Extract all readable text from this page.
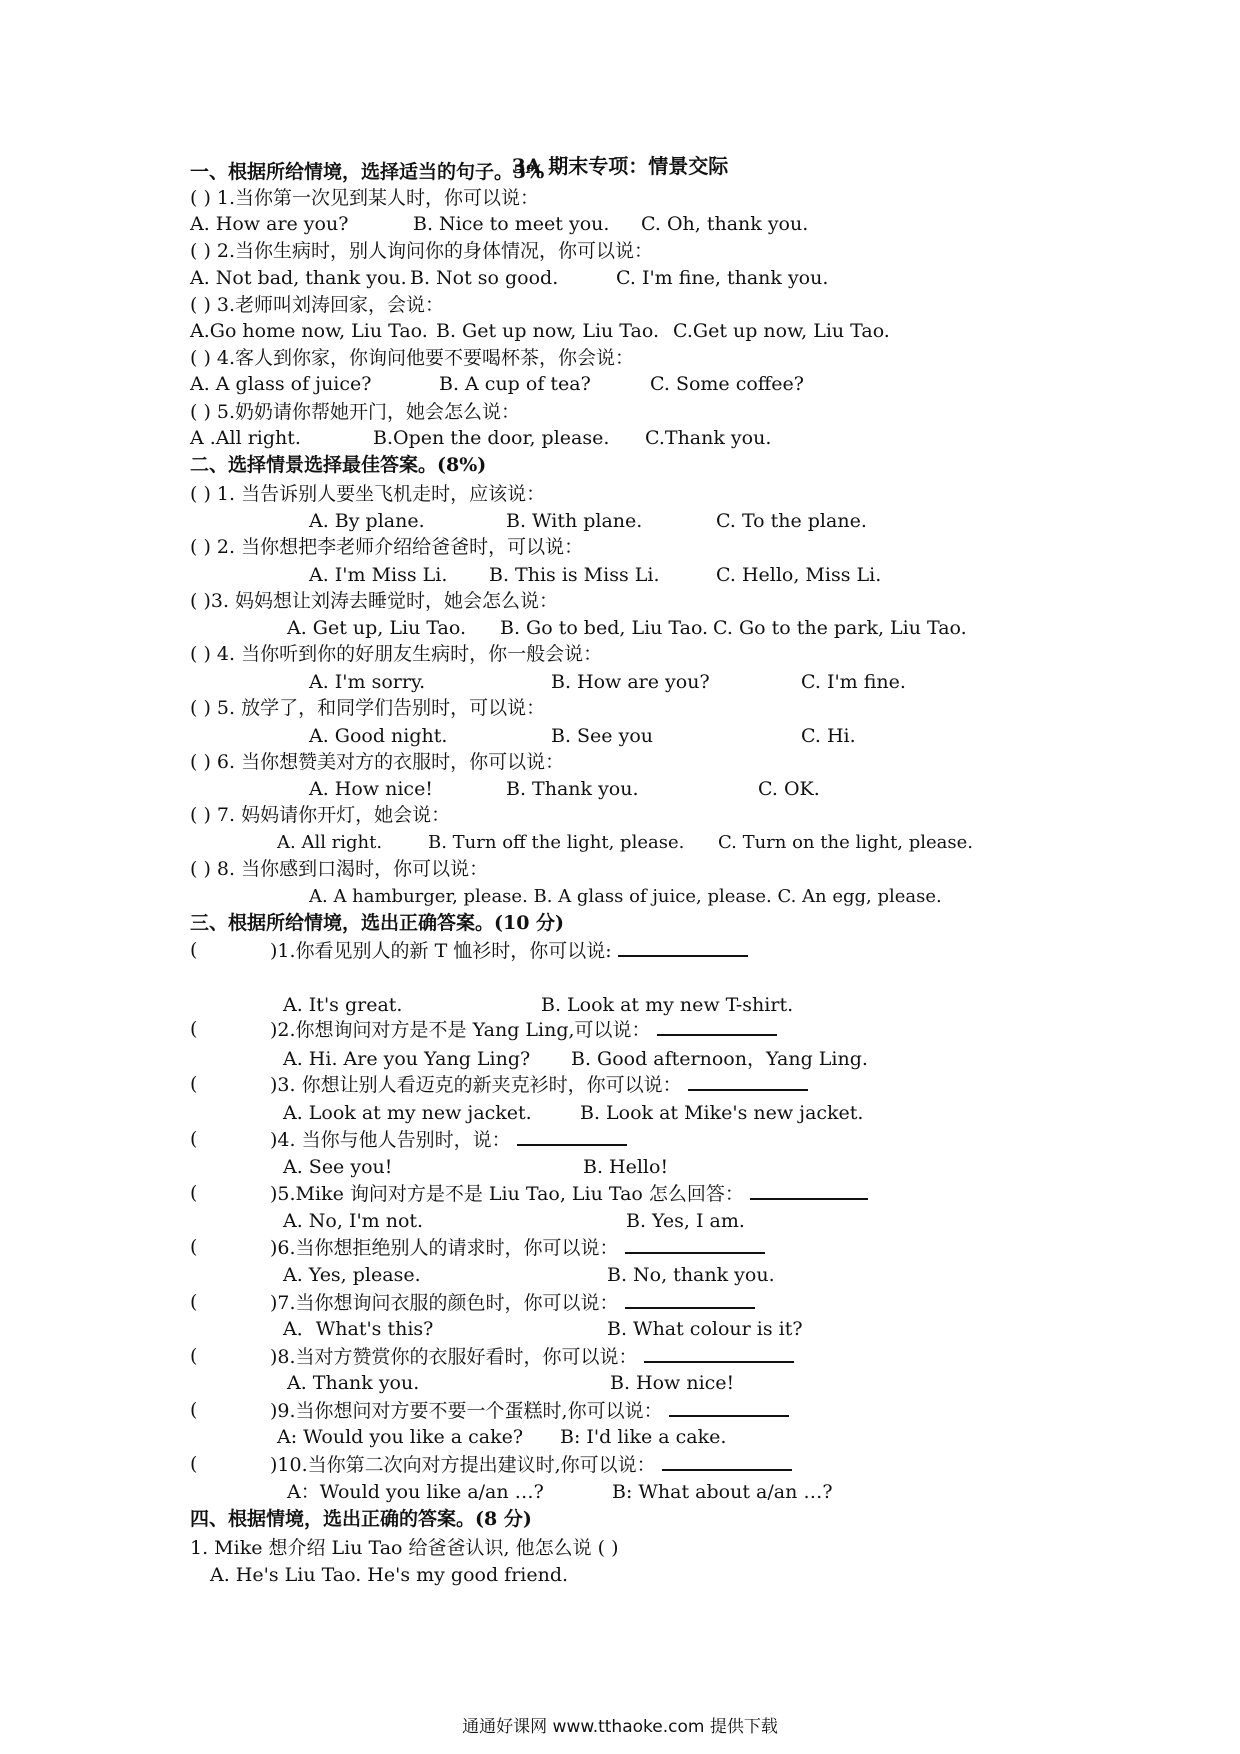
3A 期末专项：情景交际
一、根据所给情境，选择适当的句子。5%
( ) 1.当你第一次见到某人时，你可以说：
A. How are you?	B. Nice to meet you. C. Oh, thank you.
( ) 2.当你生病时，别人询问你的身体情况，你可以说：
A. Not bad, thank you. B. Not so good.	C. I'm fine, thank you.
( ) 3.老师叫刘涛回家，会说：
A.Go home now, Liu Tao. B. Get up now, Liu Tao. C.Get up now, Liu Tao.
( ) 4.客人到你家，你询问他要不要喝杯茶，你会说：
A. A glass of juice?	B. A cup of tea?	C. Some coffee?
( ) 5.奶奶请你帮她开门，她会怎么说：
A .All right.	B.Open the door, please. C.Thank you.
二、选择情景选择最佳答案。(8%)
( ) 1. 当告诉别人要坐飞机走时，应该说：
A. By plane.	B. With plane.	C. To the plane.
( ) 2. 当你想把李老师介绍给爸爸时，可以说：
A. I'm Miss Li. B. This is Miss Li.	C. Hello, Miss Li.
( )3. 妈妈想让刘涛去睡觉时，她会怎么说：
A. Get up, Liu Tao. B. Go to bed, Liu Tao. C. Go to the park, Liu Tao.
( ) 4. 当你听到你的好朋友生病时，你一般会说：
A. I'm sorry.	B. How are you?	C. I'm fine.
( ) 5. 放学了，和同学们告别时，可以说：
A. Good night.	B. See you	C. Hi.
( ) 6. 当你想赞美对方的衣服时，你可以说：
A. How nice!	B. Thank you.	C. OK.
( ) 7. 妈妈请你开灯，她会说：
A. All right.	B. Turn off the light, please. C. Turn on the light, please.
( ) 8. 当你感到口渴时，你可以说：
A. A hamburger, please. B. A glass of juice, please. C. An egg, please.
三、根据所给情境，选出正确答案。(10 分)
(	)1.你看见别人的新 T 恤衫时，你可以说:
A. It's great.	B. Look at my new T-shirt.
(	)2.你想询问对方是不是 Yang Ling,可以说：
A. Hi. Are you Yang Ling? B. Good afternoon，Yang Ling.
(	)3. 你想让别人看迈克的新夹克衫时，你可以说：
A. Look at my new jacket.	B. Look at Mike's new jacket.
(	)4. 当你与他人告别时，说：
A. See you!	B. Hello!
(	)5.Mike 询问对方是不是 Liu Tao, Liu Tao 怎么回答：
A. No, I'm not.	B. Yes, I am.
(	)6.当你想拒绝别人的请求时，你可以说：
A. Yes, please.	B. No, thank you.
(	)7.当你想询问衣服的颜色时，你可以说：
A．What's this?	B. What colour is it?
(	)8.当对方赞赏你的衣服好看时，你可以说：
A. Thank you.	B. How nice!
(	)9.当你想问对方要不要一个蛋糕时,你可以说：
A: Would you like a cake? B: I'd like a cake.
(	)10.当你第二次向对方提出建议时,你可以说：
A：Would you like a/an …?	B: What about a/an …?
四、根据情境，选出正确的答案。(8 分)
1. Mike 想介绍 Liu Tao 给爸爸认识, 他怎么说 ( )
A. He's Liu Tao. He's my good friend.
通通好课网 www.tthaoke.com 提供下载
